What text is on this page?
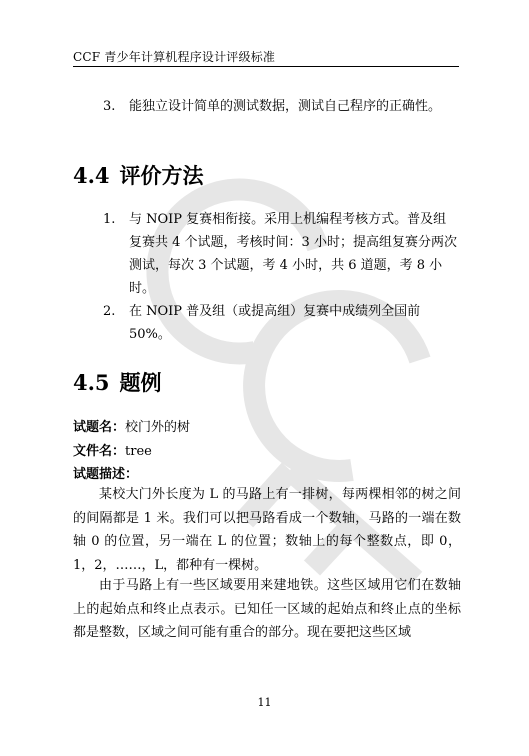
CCF 青少年计算机程序设计评级标准
3.	能独立设计简单的测试数据，测试自己程序的正确性。
4.4 评价方法
1.	与 NOIP 复赛相衔接。采用上机编程考核方式。普及组复赛共 4 个试题，考核时间：3 小时；提高组复赛分两次测试，每次 3 个试题，考 4 小时，共 6 道题，考 8 小时。
2.	在 NOIP 普及组（或提高组）复赛中成绩列全国前 50%。
4.5 题例
试题名：校门外的树
文件名：tree
试题描述：
某校大门外长度为 L 的马路上有一排树，每两棵相邻的树之间的间隔都是 1 米。我们可以把马路看成一个数轴，马路的一端在数轴 0 的位置，另一端在 L 的位置；数轴上的每个整数点，即 0，1，2，……，L，都种有一棵树。
由于马路上有一些区域要用来建地铁。这些区域用它们在数轴上的起始点和终止点表示。已知任一区域的起始点和终止点的坐标都是整数，区域之间可能有重合的部分。现在要把这些区域
11
